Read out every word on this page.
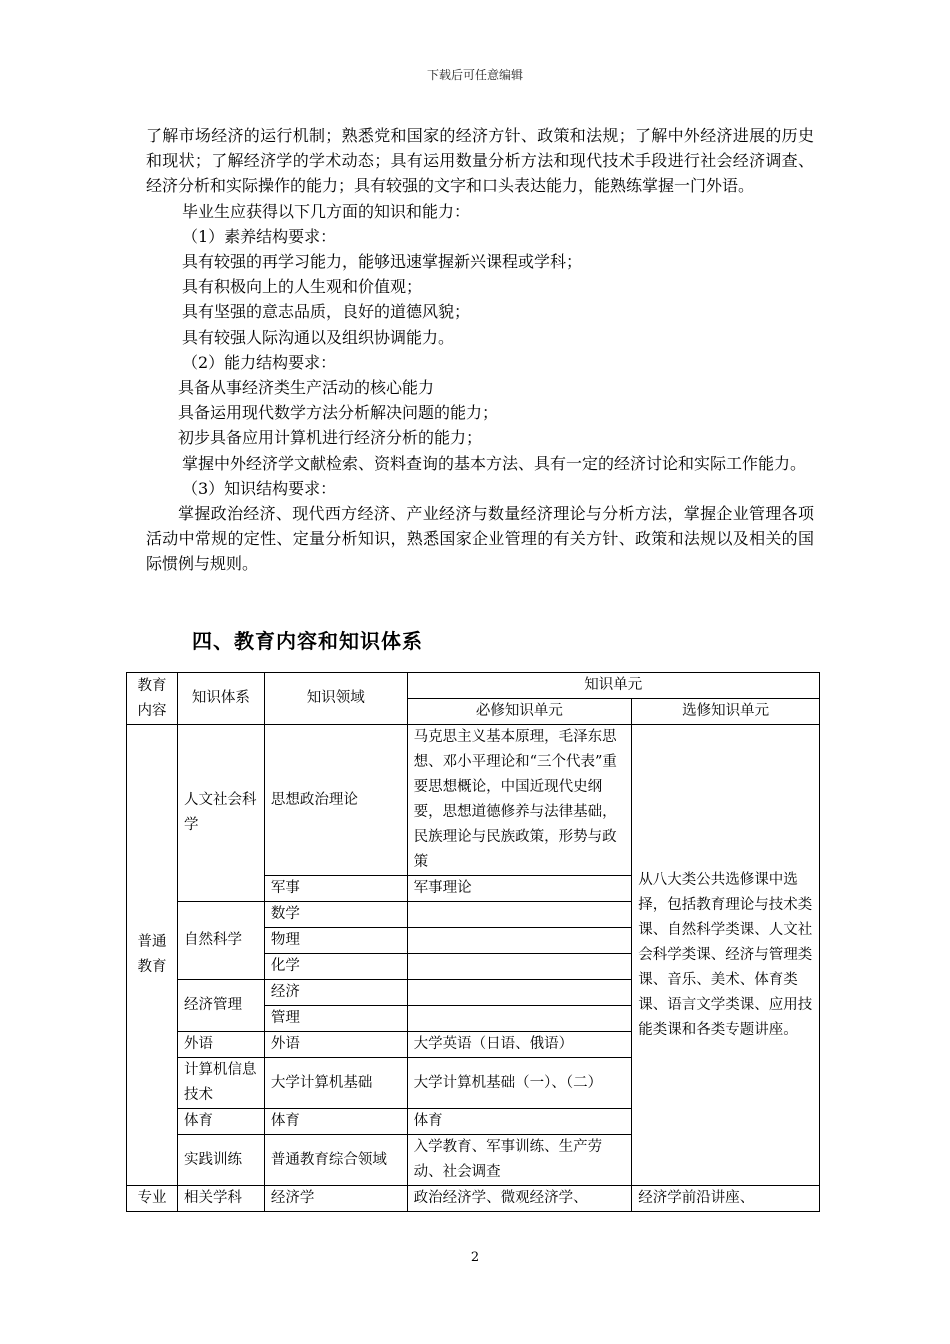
下载后可任意编辑

了解市场经济的运行机制；熟悉党和国家的经济方针、政策和法规；了解中外经济进展的历史和现状；了解经济学的学术动态；具有运用数量分析方法和现代技术手段进行社会经济调查、经济分析和实际操作的能力；具有较强的文字和口头表达能力，能熟练掌握一门外语。

毕业生应获得以下几方面的知识和能力：

（1）素养结构要求：

具有较强的再学习能力，能够迅速掌握新兴课程或学科；

具有积极向上的人生观和价值观；

具有坚强的意志品质，良好的道德风貌；

具有较强人际沟通以及组织协调能力。

（2）能力结构要求：

具备从事经济类生产活动的核心能力

具备运用现代数学方法分析解决问题的能力；

初步具备应用计算机进行经济分析的能力；

掌握中外经济学文献检索、资料查询的基本方法、具有一定的经济讨论和实际工作能力。

（3）知识结构要求：

掌握政治经济、现代西方经济、产业经济与数量经济理论与分析方法，掌握企业管理各项活动中常规的定性、定量分析知识，熟悉国家企业管理的有关方针、政策和法规以及相关的国际惯例与规则。

四、教育内容和知识体系
教育内容	知识体系	知识领域	知识单元	
			必修知识单元	选修知识单元
普通教育	人文社会科学	思想政治理论	马克思主义基本原理，毛泽东思想、邓小平理论和“三个代表”重要思想概论，中国近现代史纲要，思想道德修养与法律基础，民族理论与民族政策，形势与政策	从八大类公共选修课中选择，包括教育理论与技术类课、自然科学类课、人文社会科学类课、经济与管理类课、音乐、美术、体育类课、语言文学类课、应用技能类课和各类专题讲座。
		军事	军事理论	
	自然科学	数学		
		物理		
		化学		
	经济管理	经济		
		管理		
	外语	外语	大学英语（日语、俄语）	
	计算机信息技术	大学计算机基础	大学计算机基础（一）、（二）	
	体育	体育	体育	
	实践训练	普通教育综合领域	入学教育、军事训练、生产劳动、社会调查	

专业	相关学科	经济学	政治经济学、微观经济学、	经济学前沿讲座、
2
